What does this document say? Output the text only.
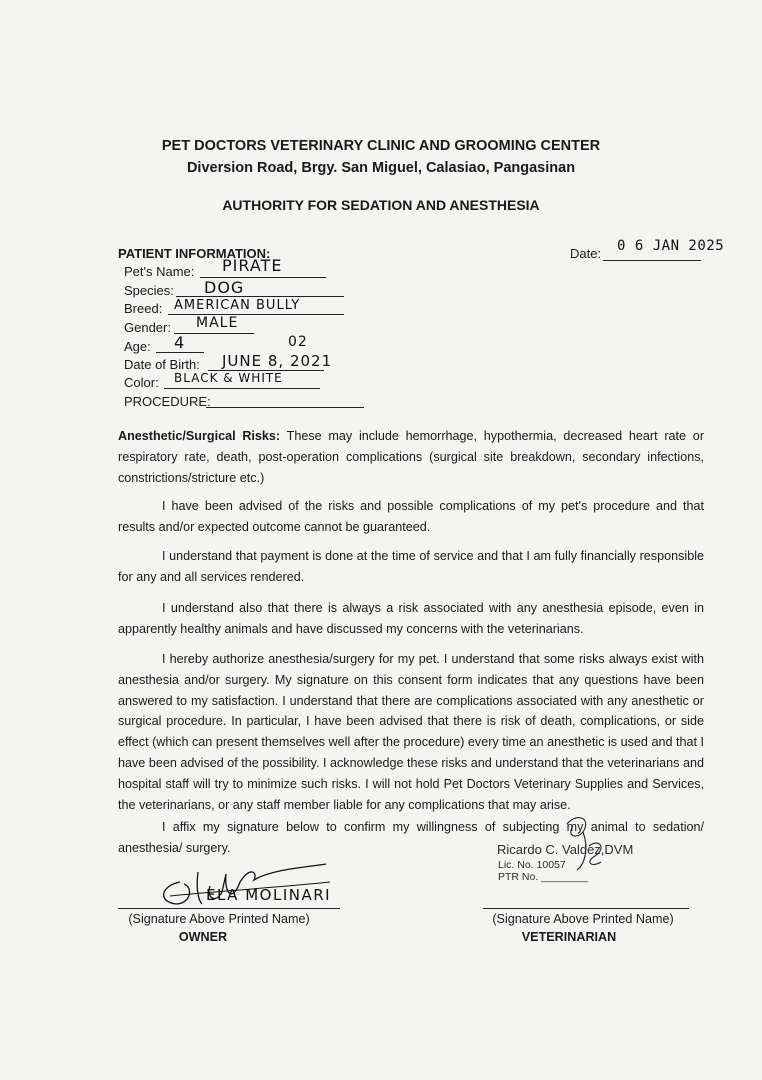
PET DOCTORS VETERINARY CLINIC AND GROOMING CENTER
Diversion Road, Brgy. San Miguel, Calasiao, Pangasinan
AUTHORITY FOR SEDATION AND ANESTHESIA
Date: 0 6 JAN 2025
PATIENT INFORMATION:
Pet's Name: PIRATE
Species: DOG
Breed: AMERICAN BULLY
Gender: MALE
Age: 4	02
Date of Birth: JUNE 8, 2021
Color: BLACK & WHITE
PROCEDURE:

Anesthetic/Surgical Risks: These may include hemorrhage, hypothermia, decreased heart rate or respiratory rate, death, post-operation complications (surgical site breakdown, secondary infections, constrictions/stricture etc.)

I have been advised of the risks and possible complications of my pet's procedure and that results and/or expected outcome cannot be guaranteed.

I understand that payment is done at the time of service and that I am fully financially responsible for any and all services rendered.

I understand also that there is always a risk associated with any anesthesia episode, even in apparently healthy animals and have discussed my concerns with the veterinarians.

I hereby authorize anesthesia/surgery for my pet. I understand that some risks always exist with anesthesia and/or surgery. My signature on this consent form indicates that any questions have been answered to my satisfaction. I understand that there are complications associated with any anesthetic or surgical procedure. In particular, I have been advised that there is risk of death, complications, or side effect (which can present themselves well after the procedure) every time an anesthetic is used and that I have been advised of the possibility. I acknowledge these risks and understand that the veterinarians and hospital staff will try to minimize such risks. I will not hold Pet Doctors Veterinary Supplies and Services, the veterinarians, or any staff member liable for any complications that may arise.

I affix my signature below to confirm my willingness of subjecting my animal to sedation/ anesthesia/ surgery.

ELA MOLINARI
(Signature Above Printed Name)
OWNER
Ricardo C. Valdez,DVM
Lic. No. 10057
PTR No. ________
(Signature Above Printed Name)
VETERINARIAN
